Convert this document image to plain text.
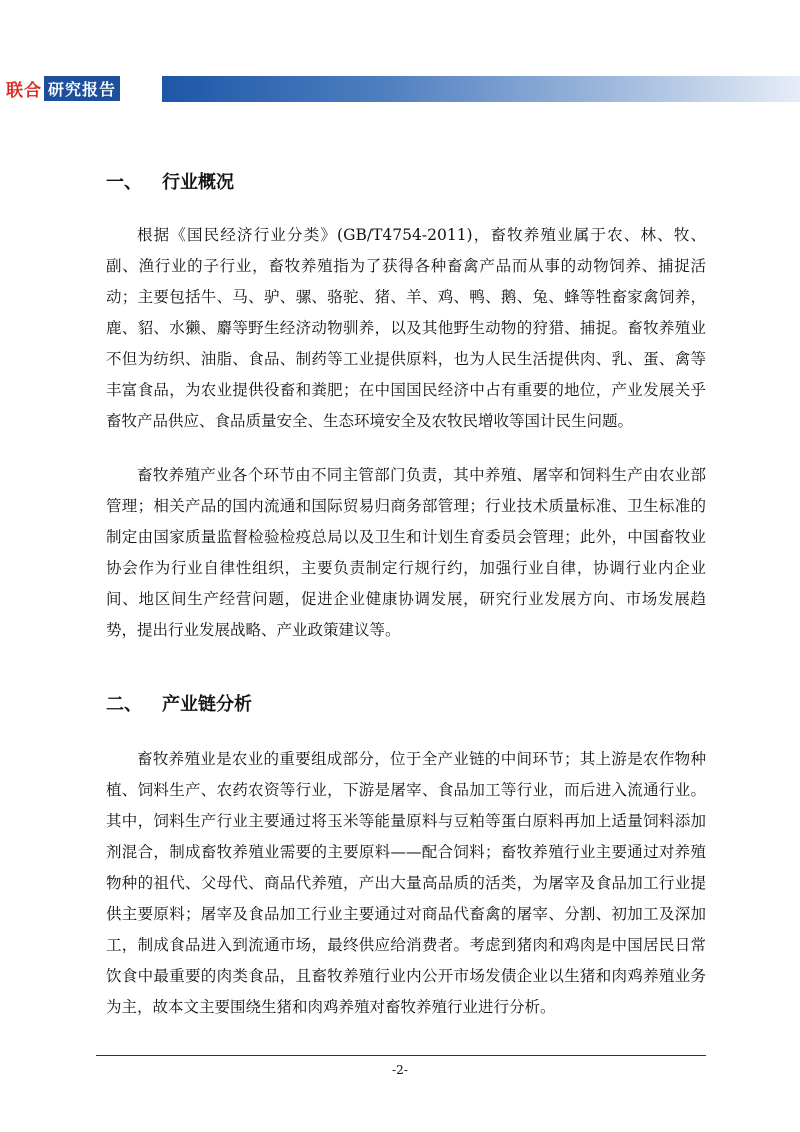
联合 研究报告
一、 行业概况

根据《国民经济行业分类》(GB/T4754-2011)，畜牧养殖业属于农、林、牧、副、渔行业的子行业，畜牧养殖指为了获得各种畜禽产品而从事的动物饲养、捕捉活动；主要包括牛、马、驴、骡、骆驼、猪、羊、鸡、鸭、鹅、兔、蜂等牲畜家禽饲养，鹿、貂、水獭、麝等野生经济动物驯养，以及其他野生动物的狩猎、捕捉。畜牧养殖业不但为纺织、油脂、食品、制药等工业提供原料，也为人民生活提供肉、乳、蛋、禽等丰富食品，为农业提供役畜和粪肥；在中国国民经济中占有重要的地位，产业发展关乎畜牧产品供应、食品质量安全、生态环境安全及农牧民增收等国计民生问题。

畜牧养殖产业各个环节由不同主管部门负责，其中养殖、屠宰和饲料生产由农业部管理；相关产品的国内流通和国际贸易归商务部管理；行业技术质量标准、卫生标准的制定由国家质量监督检验检疫总局以及卫生和计划生育委员会管理；此外，中国畜牧业协会作为行业自律性组织，主要负责制定行规行约，加强行业自律，协调行业内企业间、地区间生产经营问题，促进企业健康协调发展，研究行业发展方向、市场发展趋势，提出行业发展战略、产业政策建议等。

二、 产业链分析

畜牧养殖业是农业的重要组成部分，位于全产业链的中间环节；其上游是农作物种植、饲料生产、农药农资等行业，下游是屠宰、食品加工等行业，而后进入流通行业。其中，饲料生产行业主要通过将玉米等能量原料与豆粕等蛋白原料再加上适量饲料添加剂混合，制成畜牧养殖业需要的主要原料——配合饲料；畜牧养殖行业主要通过对养殖物种的祖代、父母代、商品代养殖，产出大量高品质的活类，为屠宰及食品加工行业提供主要原料；屠宰及食品加工行业主要通过对商品代畜禽的屠宰、分割、初加工及深加工，制成食品进入到流通市场，最终供应给消费者。考虑到猪肉和鸡肉是中国居民日常饮食中最重要的肉类食品，且畜牧养殖行业内公开市场发债企业以生猪和肉鸡养殖业务为主，故本文主要围绕生猪和肉鸡养殖对畜牧养殖行业进行分析。

-2-
